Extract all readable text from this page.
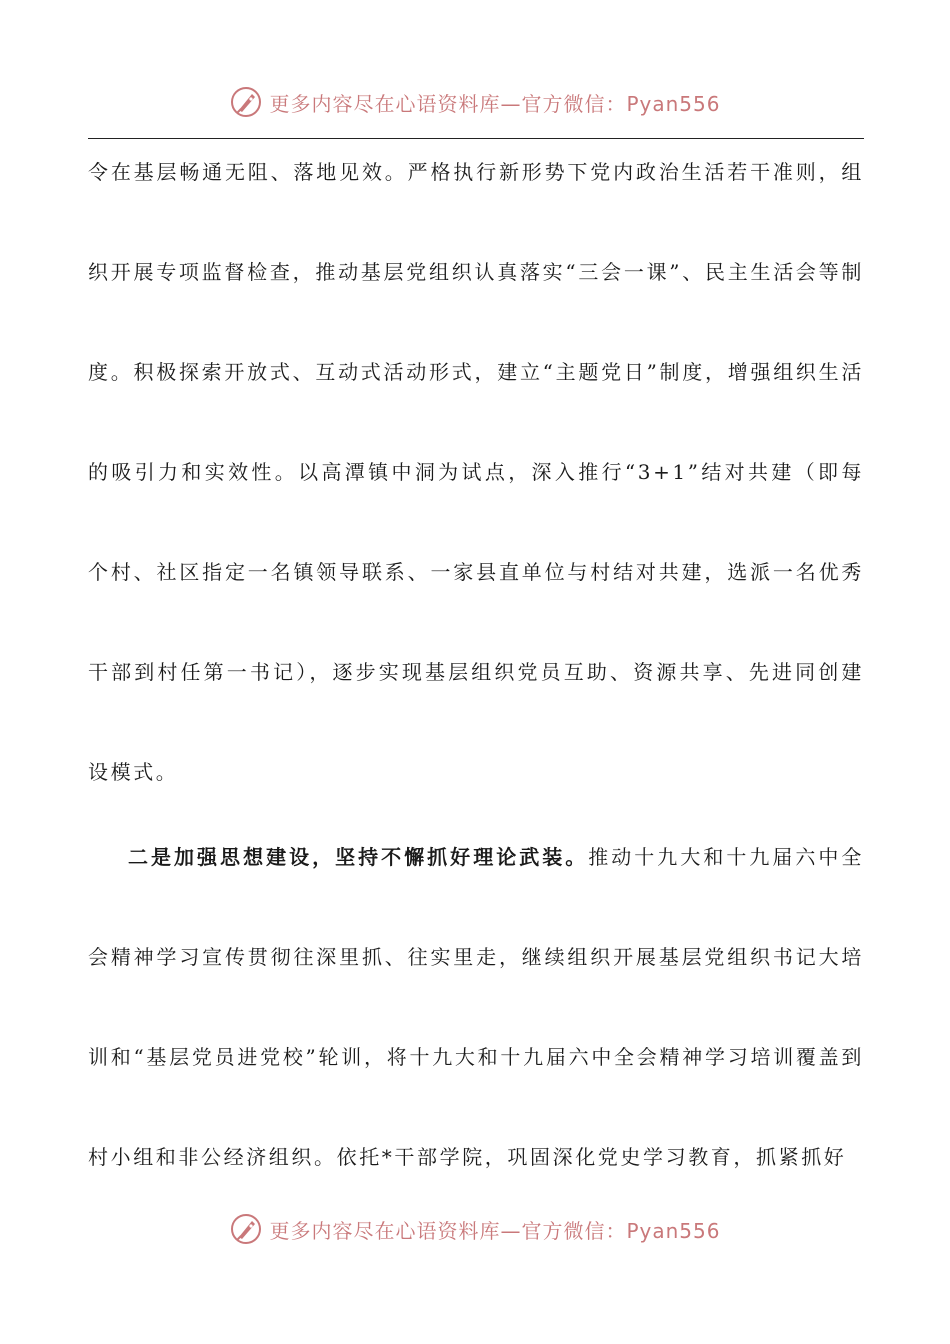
更多内容尽在心语资料库—官方微信：Pyan556

令在基层畅通无阻、落地见效。严格执行新形势下党内政治生活若干准则，组织开展专项监督检查，推动基层党组织认真落实“三会一课”、民主生活会等制度。积极探索开放式、互动式活动形式，建立“主题党日”制度，增强组织生活的吸引力和实效性。以高潭镇中洞为试点，深入推行“3+1”结对共建（即每个村、社区指定一名镇领导联系、一家县直单位与村结对共建，选派一名优秀干部到村任第一书记），逐步实现基层组织党员互助、资源共享、先进同创建设模式。

二是加强思想建设，坚持不懈抓好理论武装。推动十九大和十九届六中全会精神学习宣传贯彻往深里抓、往实里走，继续组织开展基层党组织书记大培训和“基层党员进党校”轮训，将十九大和十九届六中全会精神学习培训覆盖到村小组和非公经济组织。依托*干部学院，巩固深化党史学习教育，抓紧抓好

更多内容尽在心语资料库—官方微信：Pyan556
